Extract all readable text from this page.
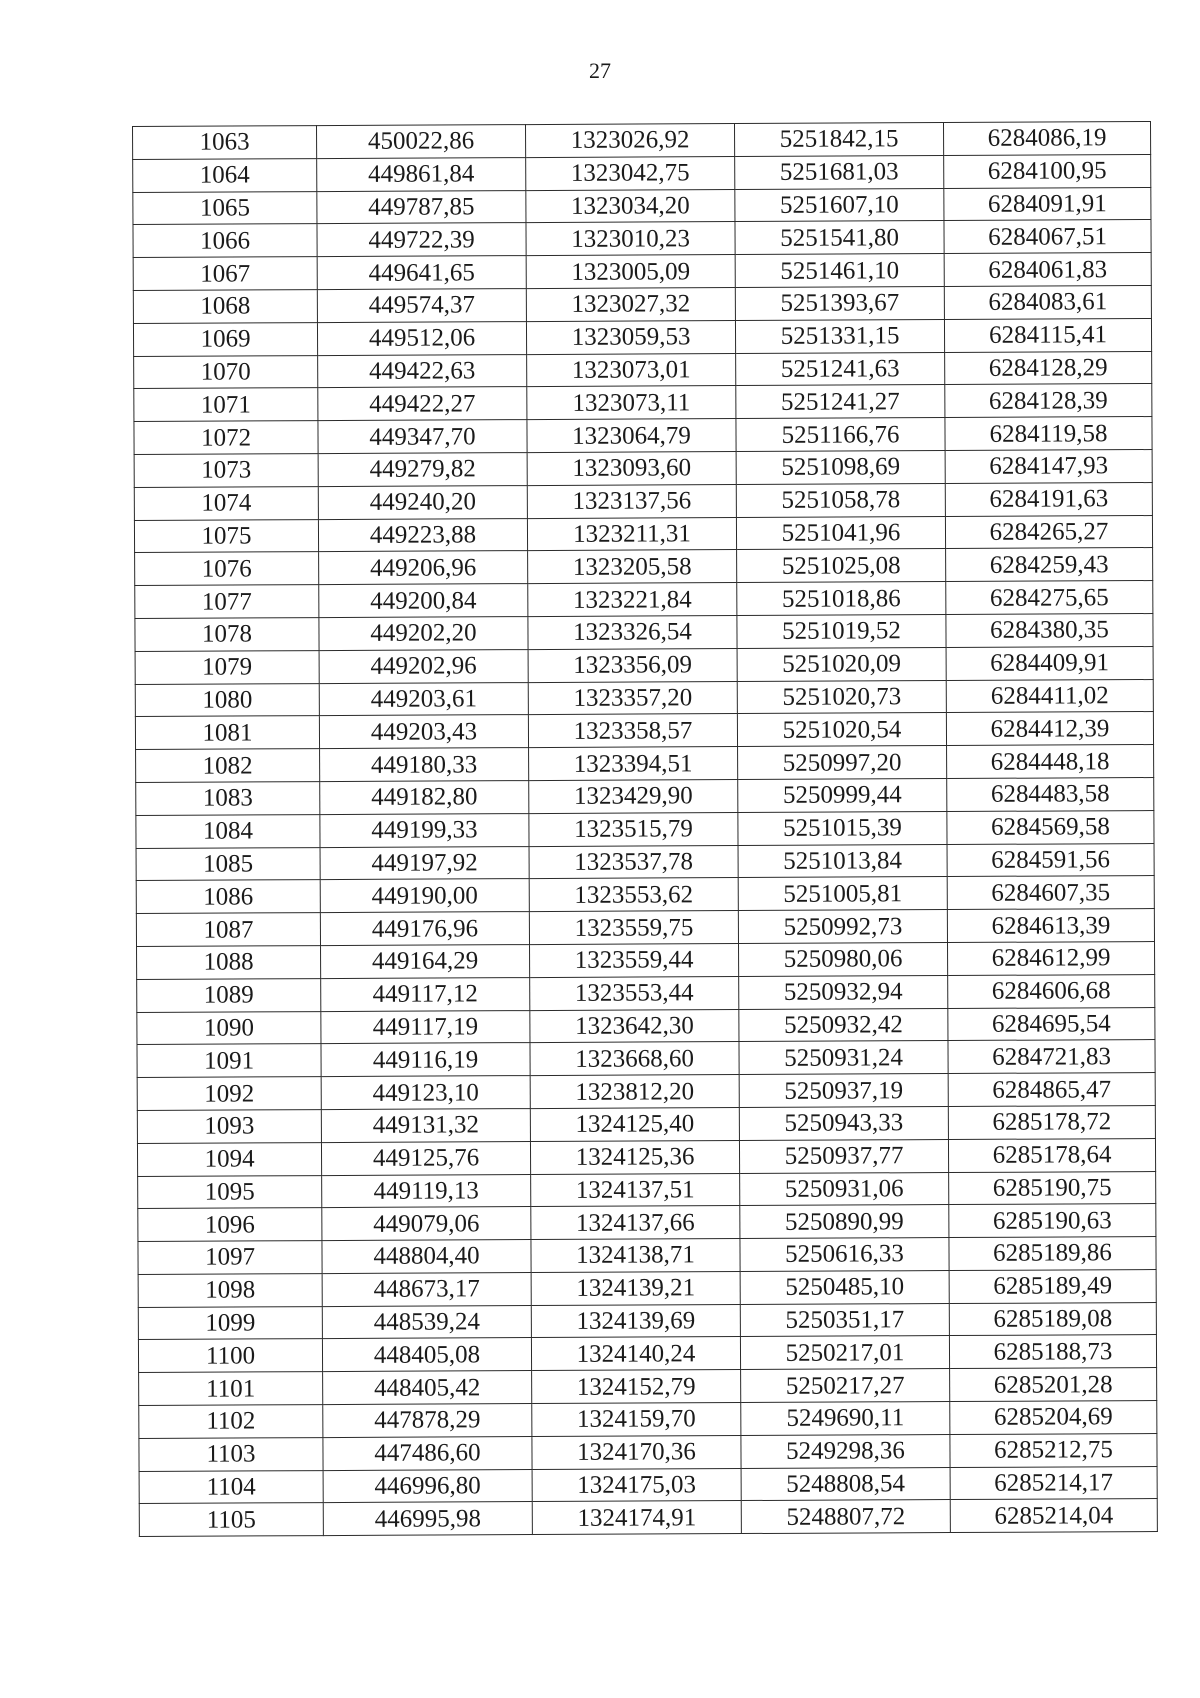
27
1063	450022,86	1323026,92	5251842,15	6284086,19
1064	449861,84	1323042,75	5251681,03	6284100,95
1065	449787,85	1323034,20	5251607,10	6284091,91
1066	449722,39	1323010,23	5251541,80	6284067,51
1067	449641,65	1323005,09	5251461,10	6284061,83
1068	449574,37	1323027,32	5251393,67	6284083,61
1069	449512,06	1323059,53	5251331,15	6284115,41
1070	449422,63	1323073,01	5251241,63	6284128,29
1071	449422,27	1323073,11	5251241,27	6284128,39
1072	449347,70	1323064,79	5251166,76	6284119,58
1073	449279,82	1323093,60	5251098,69	6284147,93
1074	449240,20	1323137,56	5251058,78	6284191,63
1075	449223,88	1323211,31	5251041,96	6284265,27
1076	449206,96	1323205,58	5251025,08	6284259,43
1077	449200,84	1323221,84	5251018,86	6284275,65
1078	449202,20	1323326,54	5251019,52	6284380,35
1079	449202,96	1323356,09	5251020,09	6284409,91
1080	449203,61	1323357,20	5251020,73	6284411,02
1081	449203,43	1323358,57	5251020,54	6284412,39
1082	449180,33	1323394,51	5250997,20	6284448,18
1083	449182,80	1323429,90	5250999,44	6284483,58
1084	449199,33	1323515,79	5251015,39	6284569,58
1085	449197,92	1323537,78	5251013,84	6284591,56
1086	449190,00	1323553,62	5251005,81	6284607,35
1087	449176,96	1323559,75	5250992,73	6284613,39
1088	449164,29	1323559,44	5250980,06	6284612,99
1089	449117,12	1323553,44	5250932,94	6284606,68
1090	449117,19	1323642,30	5250932,42	6284695,54
1091	449116,19	1323668,60	5250931,24	6284721,83
1092	449123,10	1323812,20	5250937,19	6284865,47
1093	449131,32	1324125,40	5250943,33	6285178,72
1094	449125,76	1324125,36	5250937,77	6285178,64
1095	449119,13	1324137,51	5250931,06	6285190,75
1096	449079,06	1324137,66	5250890,99	6285190,63
1097	448804,40	1324138,71	5250616,33	6285189,86
1098	448673,17	1324139,21	5250485,10	6285189,49
1099	448539,24	1324139,69	5250351,17	6285189,08
1100	448405,08	1324140,24	5250217,01	6285188,73
1101	448405,42	1324152,79	5250217,27	6285201,28
1102	447878,29	1324159,70	5249690,11	6285204,69
1103	447486,60	1324170,36	5249298,36	6285212,75
1104	446996,80	1324175,03	5248808,54	6285214,17
1105	446995,98	1324174,91	5248807,72	6285214,04
